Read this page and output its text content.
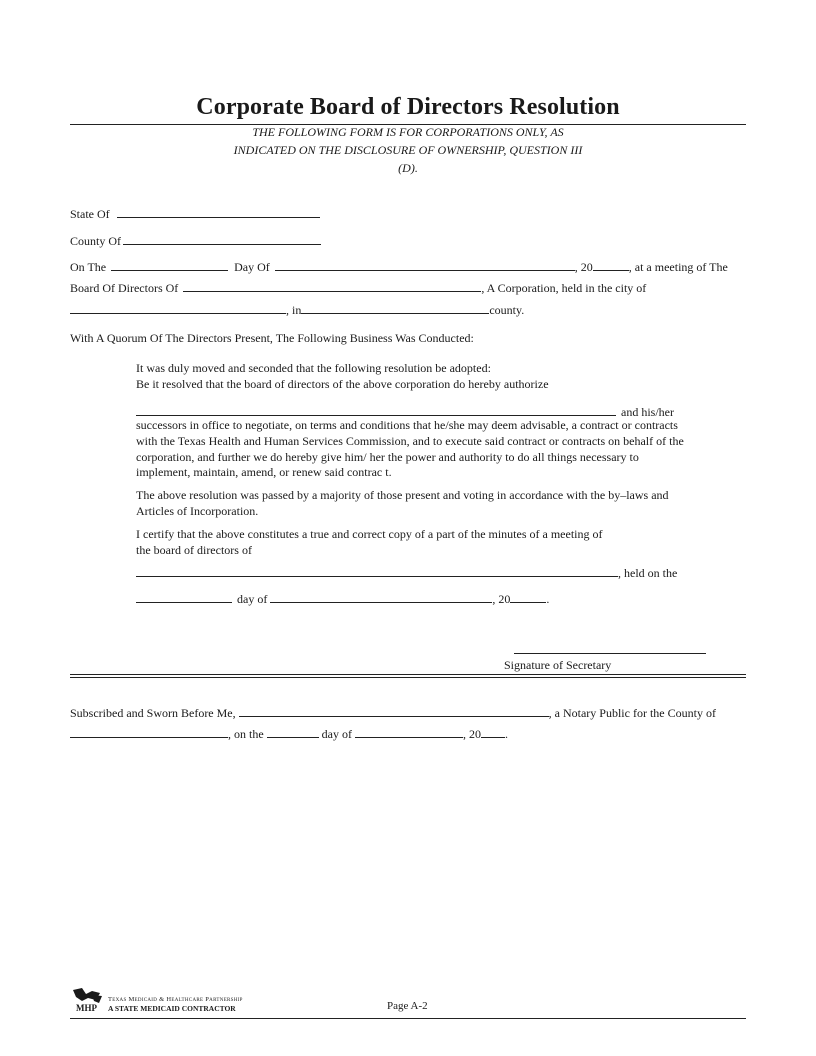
Corporate Board of Directors Resolution
THE FOLLOWING FORM IS FOR CORPORATIONS ONLY, AS
INDICATED ON THE DISCLOSURE OF OWNERSHIP, QUESTION III
(D).
State Of
County Of
On The	Day Of	, 20	, at a meeting of The
Board Of Directors Of	, A Corporation, held in the city of
, in	county.
With A Quorum Of The Directors Present, The Following Business Was Conducted:
It was duly moved and seconded that the following resolution be adopted:
Be it resolved that the board of directors of the above corporation do hereby authorize
and his/her
successors in office to negotiate, on terms and conditions that he/she may deem advisable, a contract or contracts with the Texas Health and Human Services Commission, and to execute said contract or contracts on behalf of the corporation, and further we do hereby give him/ her the power and authority to do all things necessary to implement, maintain, amend, or renew said contrac t.
The above resolution was passed by a majority of those present and voting in accordance with the by–laws and Articles of Incorporation.
I certify that the above constitutes a true and correct copy of a part of the minutes of a meeting of the board of directors of
, held on the
day of	, 20	.
Signature of Secretary
Subscribed and Sworn Before Me,	, a Notary Public for the County of
, on the	day of	, 20 .
MHP
Texas Medicaid & Healthcare Partnership
A STATE MEDICAID CONTRACTOR	Page A-2
